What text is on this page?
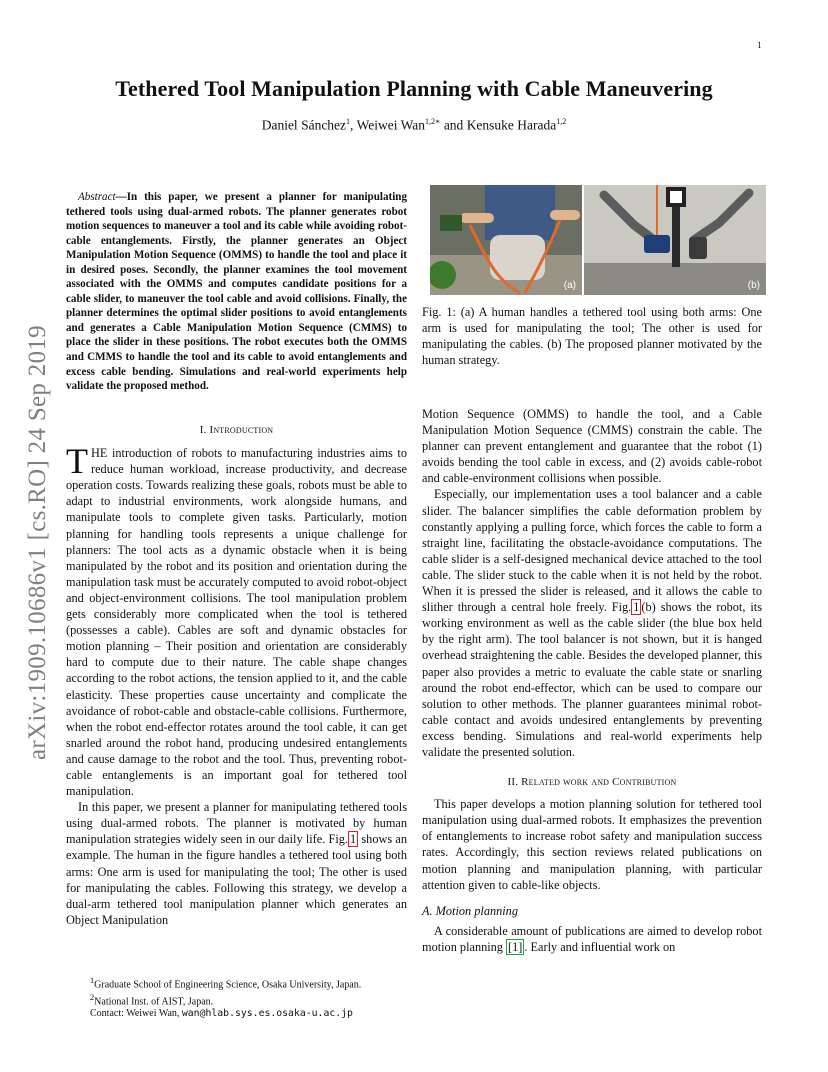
1
arXiv:1909.10686v1 [cs.RO] 24 Sep 2019
Tethered Tool Manipulation Planning with Cable Maneuvering
Daniel Sánchez$^1$, Weiwei Wan$^{1,2∗}$ and Kensuke Harada$^{1,2}$
Abstract—In this paper, we present a planner for manipulating tethered tools using dual-armed robots. The planner generates robot motion sequences to maneuver a tool and its cable while avoiding robot-cable entanglements. Firstly, the planner generates an Object Manipulation Motion Sequence (OMMS) to handle the tool and place it in desired poses. Secondly, the planner examines the tool movement associated with the OMMS and computes candidate positions for a cable slider, to maneuver the tool cable and avoid collisions. Finally, the planner determines the optimal slider positions to avoid entanglements and generates a Cable Manipulation Motion Sequence (CMMS) to place the slider in these positions. The robot executes both the OMMS and CMMS to handle the tool and its cable to avoid entanglements and excess cable bending. Simulations and real-world experiments help validate the proposed method.

I. Introduction

THE introduction of robots to manufacturing industries aims to reduce human workload, increase productivity, and decrease operation costs. Towards realizing these goals, robots must be able to adapt to industrial environments, work alongside humans, and manipulate tools to complete given tasks. Particularly, motion planning for handling tools represents a unique challenge for planners: The tool acts as a dynamic obstacle when it is being manipulated by the robot and its position and orientation during the manipulation task must be accurately computed to avoid robot-object and object-environment collisions. The tool manipulation problem gets considerably more complicated when the tool is tethered (possesses a cable). Cables are soft and dynamic obstacles for motion planning – Their position and orientation are considerably hard to compute due to their nature. The cable shape changes according to the robot actions, the tension applied to it, and the cable elasticity. These properties cause uncertainty and complicate the avoidance of robot-cable and obstacle-cable collisions. Furthermore, when the robot end-effector rotates around the tool cable, it can get snarled around the robot hand, producing undesired entanglements and cause damage to the robot and the tool. Thus, preventing robot-cable entanglements is an important goal for tethered tool manipulation.

In this paper, we present a planner for manipulating tethered tools using dual-armed robots. The planner is motivated by human manipulation strategies widely seen in our daily life. Fig. 1 shows an example. The human in the figure handles a tethered tool using both arms: One arm is used for manipulating the tool; The other is used for manipulating the cables. Following this strategy, we develop a dual-arm tethered tool manipulation planner which generates an Object Manipulation

$^1$Graduate School of Engineering Science, Osaka University, Japan.
$^2$National Inst. of AIST, Japan.
Contact: Weiwei Wan, wan@hlab.sys.es.osaka-u.ac.jp
(a)	(b)
Fig. 1: (a) A human handles a tethered tool using both arms: One arm is used for manipulating the tool; The other is used for manipulating the cables. (b) The proposed planner motivated by the human strategy.

Motion Sequence (OMMS) to handle the tool, and a Cable Manipulation Motion Sequence (CMMS) constrain the cable. The planner can prevent entanglement and guarantee that the robot (1) avoids bending the tool cable in excess, and (2) avoids cable-robot and cable-environment collisions when possible.

Especially, our implementation uses a tool balancer and a cable slider. The balancer simplifies the cable deformation problem by constantly applying a pulling force, which forces the cable to form a straight line, facilitating the obstacle-avoidance computations. The cable slider is a self-designed mechanical device attached to the tool cable. The slider stuck to the cable when it is not held by the robot. When it is pressed the slider is released, and it allows the cable to slither through a central hole freely. Fig. 1 (b) shows the robot, its working environment as well as the cable slider (the blue box held by the right arm). The tool balancer is not shown, but it is hanged overhead straightening the cable. Besides the developed planner, this paper also provides a metric to evaluate the cable state or snarling around the robot end-effector, which can be used to compare our solution to other methods. The planner guarantees minimal robot-cable contact and avoids undesired entanglements by preventing excess bending. Simulations and real-world experiments help validate the presented solution.

II. Related work and Contribution

This paper develops a motion planning solution for tethered tool manipulation using dual-armed robots. It emphasizes the prevention of entanglements to increase robot safety and manipulation success rates. Accordingly, this section reviews related publications on motion planning and manipulation planning, with particular attention given to cable-like objects.

A. Motion planning

A considerable amount of publications are aimed to develop robot motion planning [1] . Early and influential work on
